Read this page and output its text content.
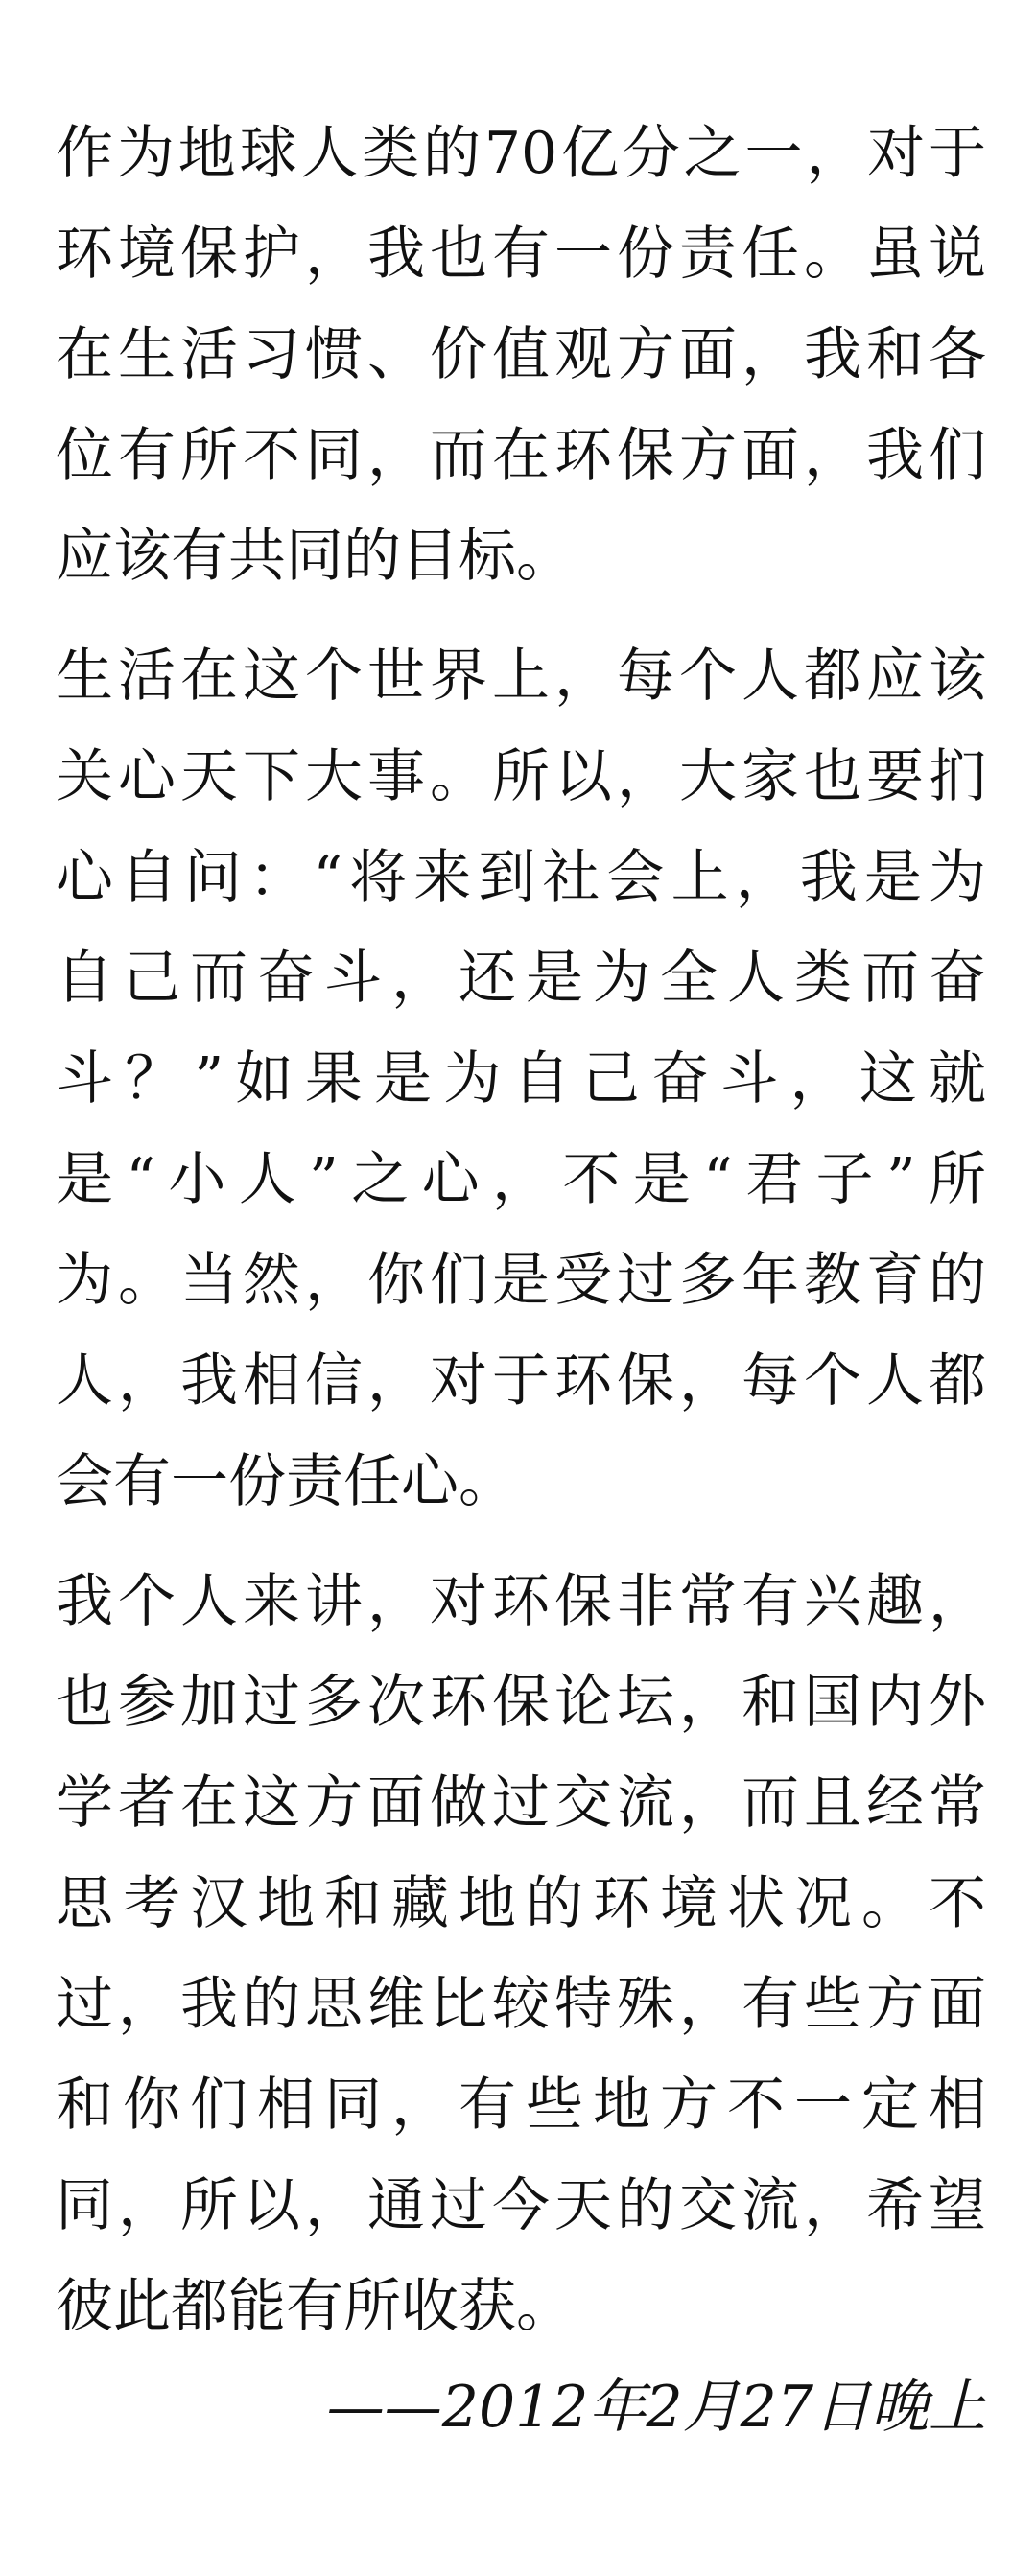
作为地球人类的70亿分之一，对于
环境保护，我也有一份责任。虽说
在生活习惯、价值观方面，我和各
位有所不同，而在环保方面，我们
应该有共同的目标。
生活在这个世界上，每个人都应该
关心天下大事。所以，大家也要扪
心自问：“将来到社会上，我是为
自己而奋斗，还是为全人类而奋
斗？”如果是为自己奋斗，这就
是“小人”之心，不是“君子”所
为。当然，你们是受过多年教育的
人，我相信，对于环保，每个人都
会有一份责任心。
我个人来讲，对环保非常有兴趣，
也参加过多次环保论坛，和国内外
学者在这方面做过交流，而且经常
思考汉地和藏地的环境状况。不
过，我的思维比较特殊，有些方面
和你们相同，有些地方不一定相
同，所以，通过今天的交流，希望
彼此都能有所收获。
——2012年2月27日晚上
